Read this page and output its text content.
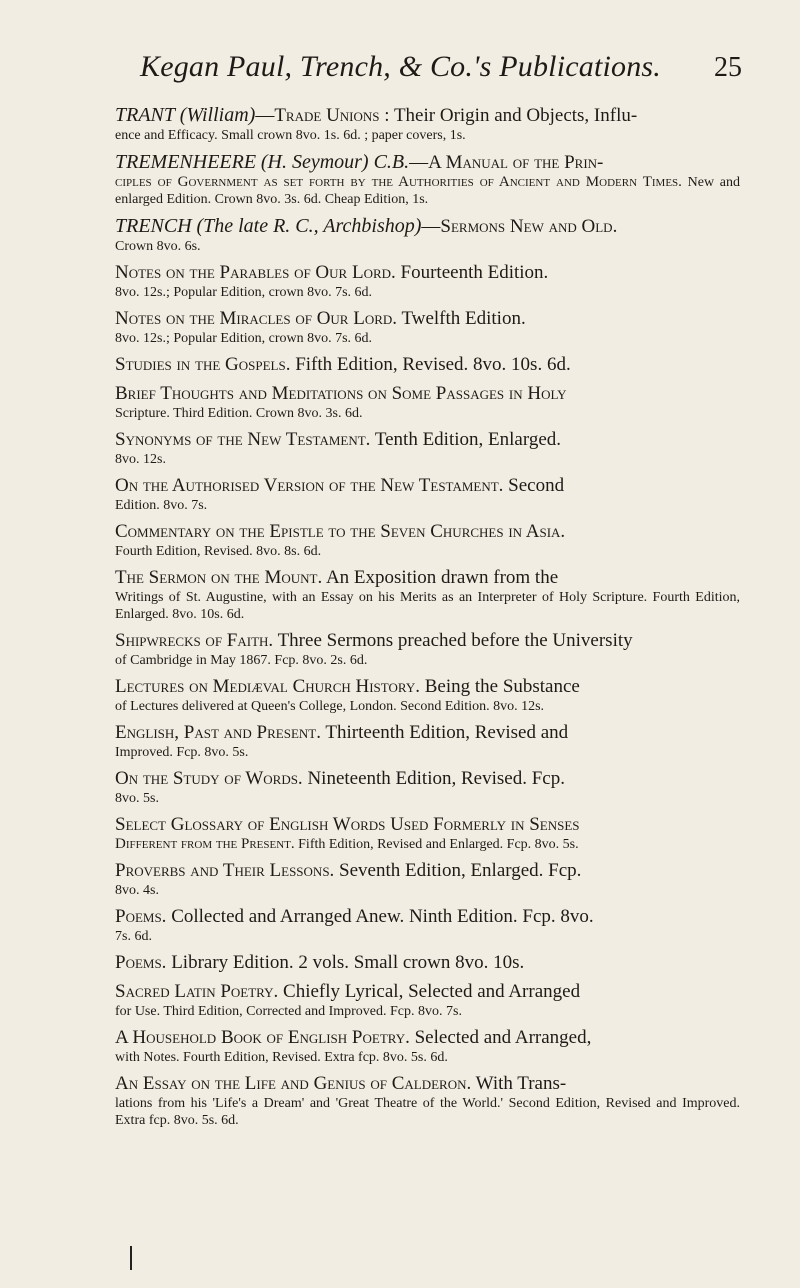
Kegan Paul, Trench, & Co.'s Publications. 25
TRANT (William)—Trade Unions : Their Origin and Objects, Influ-
ence and Efficacy. Small crown 8vo. 1s. 6d. ; paper covers, 1s.
TREMENHEERE (H. Seymour) C.B.—A Manual of the Prin-
ciples of Government as set forth by the Authorities of Ancient and Modern Times. New and enlarged Edition. Crown 8vo. 3s. 6d. Cheap Edition, 1s.
TRENCH (The late R. C., Archbishop)—Sermons New and Old.
Crown 8vo. 6s.
Notes on the Parables of Our Lord. Fourteenth Edition.
8vo. 12s.; Popular Edition, crown 8vo. 7s. 6d.
Notes on the Miracles of Our Lord. Twelfth Edition.
8vo. 12s.; Popular Edition, crown 8vo. 7s. 6d.
Studies in the Gospels. Fifth Edition, Revised. 8vo. 10s. 6d.
Brief Thoughts and Meditations on Some Passages in Holy
Scripture. Third Edition. Crown 8vo. 3s. 6d.
Synonyms of the New Testament. Tenth Edition, Enlarged.
8vo. 12s.
On the Authorised Version of the New Testament. Second
Edition. 8vo. 7s.
Commentary on the Epistle to the Seven Churches in Asia.
Fourth Edition, Revised. 8vo. 8s. 6d.
The Sermon on the Mount. An Exposition drawn from the
Writings of St. Augustine, with an Essay on his Merits as an Interpreter of Holy Scripture. Fourth Edition, Enlarged. 8vo. 10s. 6d.
Shipwrecks of Faith. Three Sermons preached before the University
of Cambridge in May 1867. Fcp. 8vo. 2s. 6d.
Lectures on Mediæval Church History. Being the Substance
of Lectures delivered at Queen's College, London. Second Edition. 8vo. 12s.
English, Past and Present. Thirteenth Edition, Revised and
Improved. Fcp. 8vo. 5s.
On the Study of Words. Nineteenth Edition, Revised. Fcp.
8vo. 5s.
Select Glossary of English Words Used Formerly in Senses
Different from the Present. Fifth Edition, Revised and Enlarged. Fcp. 8vo. 5s.
Proverbs and Their Lessons. Seventh Edition, Enlarged. Fcp.
8vo. 4s.
Poems. Collected and Arranged Anew. Ninth Edition. Fcp. 8vo.
7s. 6d.
Poems. Library Edition. 2 vols. Small crown 8vo. 10s.
Sacred Latin Poetry. Chiefly Lyrical, Selected and Arranged
for Use. Third Edition, Corrected and Improved. Fcp. 8vo. 7s.
A Household Book of English Poetry. Selected and Arranged,
with Notes. Fourth Edition, Revised. Extra fcp. 8vo. 5s. 6d.
An Essay on the Life and Genius of Calderon. With Trans-
lations from his 'Life's a Dream' and 'Great Theatre of the World.' Second Edition, Revised and Improved. Extra fcp. 8vo. 5s. 6d.
